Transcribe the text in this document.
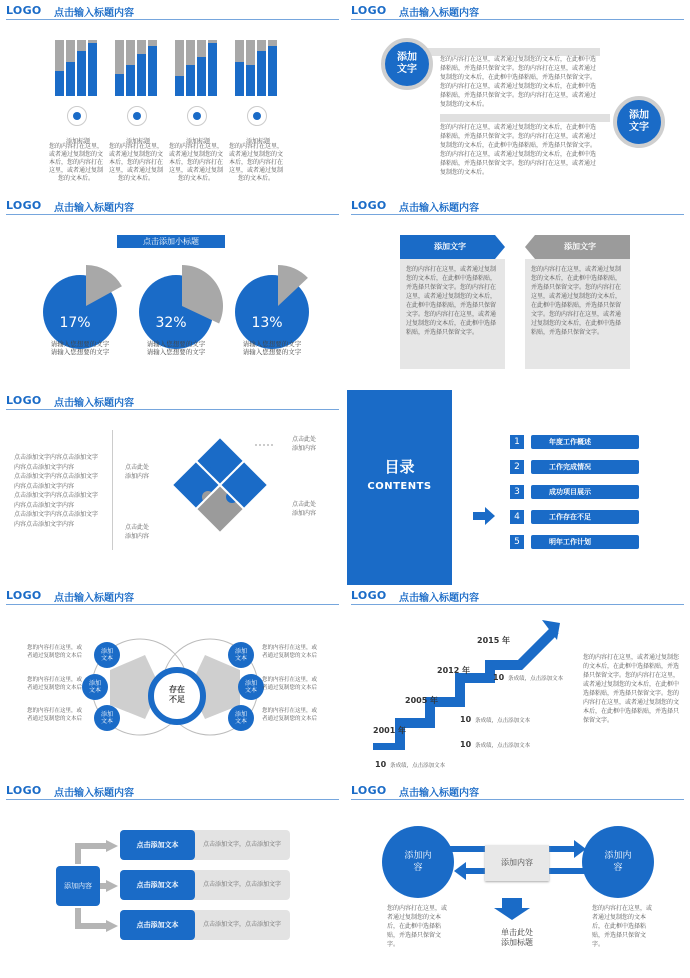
LOGO 点击输入标题内容
添加标题
您的内容打在这里，或者通过复制您的文本后，您的内容打在这里，或者通过复制您的文本后。
添加标题
您的内容打在这里，或者通过复制您的文本后，您的内容打在这里，或者通过复制您的文本后。
添加标题
您的内容打在这里，或者通过复制您的文本后，您的内容打在这里，或者通过复制您的文本后。
添加标题
您的内容打在这里，或者通过复制您的文本后，您的内容打在这里，或者通过复制您的文本后。
LOGO 点击输入标题内容
添加
文字
您的内容打在这里，或者通过复制您的文本后，在此框中选择粘贴，并选择只保留文字。您的内容打在这里，或者通过复制您的文本后，在此框中选择粘贴，并选择只保留文字。您的内容打在这里，或者通过复制您的文本后，在此框中选择粘贴，并选择只保留文字。您的内容打在这里，或者通过复制您的文本后。
添加
文字
您的内容打在这里，或者通过复制您的文本后，在此框中选择粘贴，并选择只保留文字。您的内容打在这里，或者通过复制您的文本后，在此框中选择粘贴，并选择只保留文字。您的内容打在这里，或者通过复制您的文本后，在此框中选择粘贴，并选择只保留文字。您的内容打在这里，或者通过复制您的文本后。
LOGO 点击输入标题内容
点击添加小标题
17%
请输入您想要的文字
请输入您想要的文字
32%
请输入您想要的文字
请输入您想要的文字
13%
请输入您想要的文字
请输入您想要的文字
LOGO 点击输入标题内容
添加文字	添加文字
您的内容打在这里，或者通过复制您的文本后，在此框中选择粘贴，并选择只保留文字。您的内容打在这里，或者通过复制您的文本后，在此框中选择粘贴，并选择只保留文字。您的内容打在这里，或者通过复制您的文本后，在此框中选择粘贴，并选择只保留文字。
您的内容打在这里，或者通过复制您的文本后，在此框中选择粘贴，并选择只保留文字。您的内容打在这里，或者通过复制您的文本后，在此框中选择粘贴，并选择只保留文字。您的内容打在这里，或者通过复制您的文本后，在此框中选择粘贴，并选择只保留文字。
LOGO 点击输入标题内容
点击添加文字内容点击添加文字
内容点击添加文字内容
点击添加文字内容点击添加文字
内容点击添加文字内容
点击添加文字内容点击添加文字
内容点击添加文字内容
点击添加文字内容点击添加文字
内容点击添加文字内容
点击此处
添加内容
点击此处
添加内容
点击此处
添加内容
点击此处
添加内容
目录
CONTENTS
1	年度工作概述
2	工作完成情况
3	成功项目展示
4	工作存在不足
5	明年工作计划
LOGO 点击输入标题内容
存在
不足
添加
文本
您的内容打在这里，或者通过复制您的文本后
添加
文本
您的内容打在这里，或者通过复制您的文本后
添加
文本
您的内容打在这里，或者通过复制您的文本后
添加
文本
您的内容打在这里，或者通过复制您的文本后
添加
文本
您的内容打在这里，或者通过复制您的文本后
添加
文本
您的内容打在这里，或者通过复制您的文本后
LOGO 点击输入标题内容
2001 年
10 条成绩，点击添加文本
2005 年
10 条成绩，点击添加文本
2012 年
10 条成绩，点击添加文本
2015 年
10 条成绩，点击添加文本
您的内容打在这里，或者通过复制您的文本后，在此框中选择粘贴，并选择只保留文字。您的内容打在这里，或者通过复制您的文本后，在此框中选择粘贴，并选择只保留文字。您的内容打在这里，或者通过复制您的文本后，在此框中选择粘贴，并选择只保留文字。
LOGO 点击输入标题内容
添加内容
点击添加文本	点击添加文字，点击添加文字
点击添加文本	点击添加文字，点击添加文字
点击添加文本	点击添加文字，点击添加文字
LOGO 点击输入标题内容
添加内
容
添加内
容
添加内容
单击此处
添加标题
您的内容打在这里，或者通过复制您的文本后，在此框中选择粘贴，并选择只保留文字。
您的内容打在这里，或者通过复制您的文本后，在此框中选择粘贴，并选择只保留文字。
